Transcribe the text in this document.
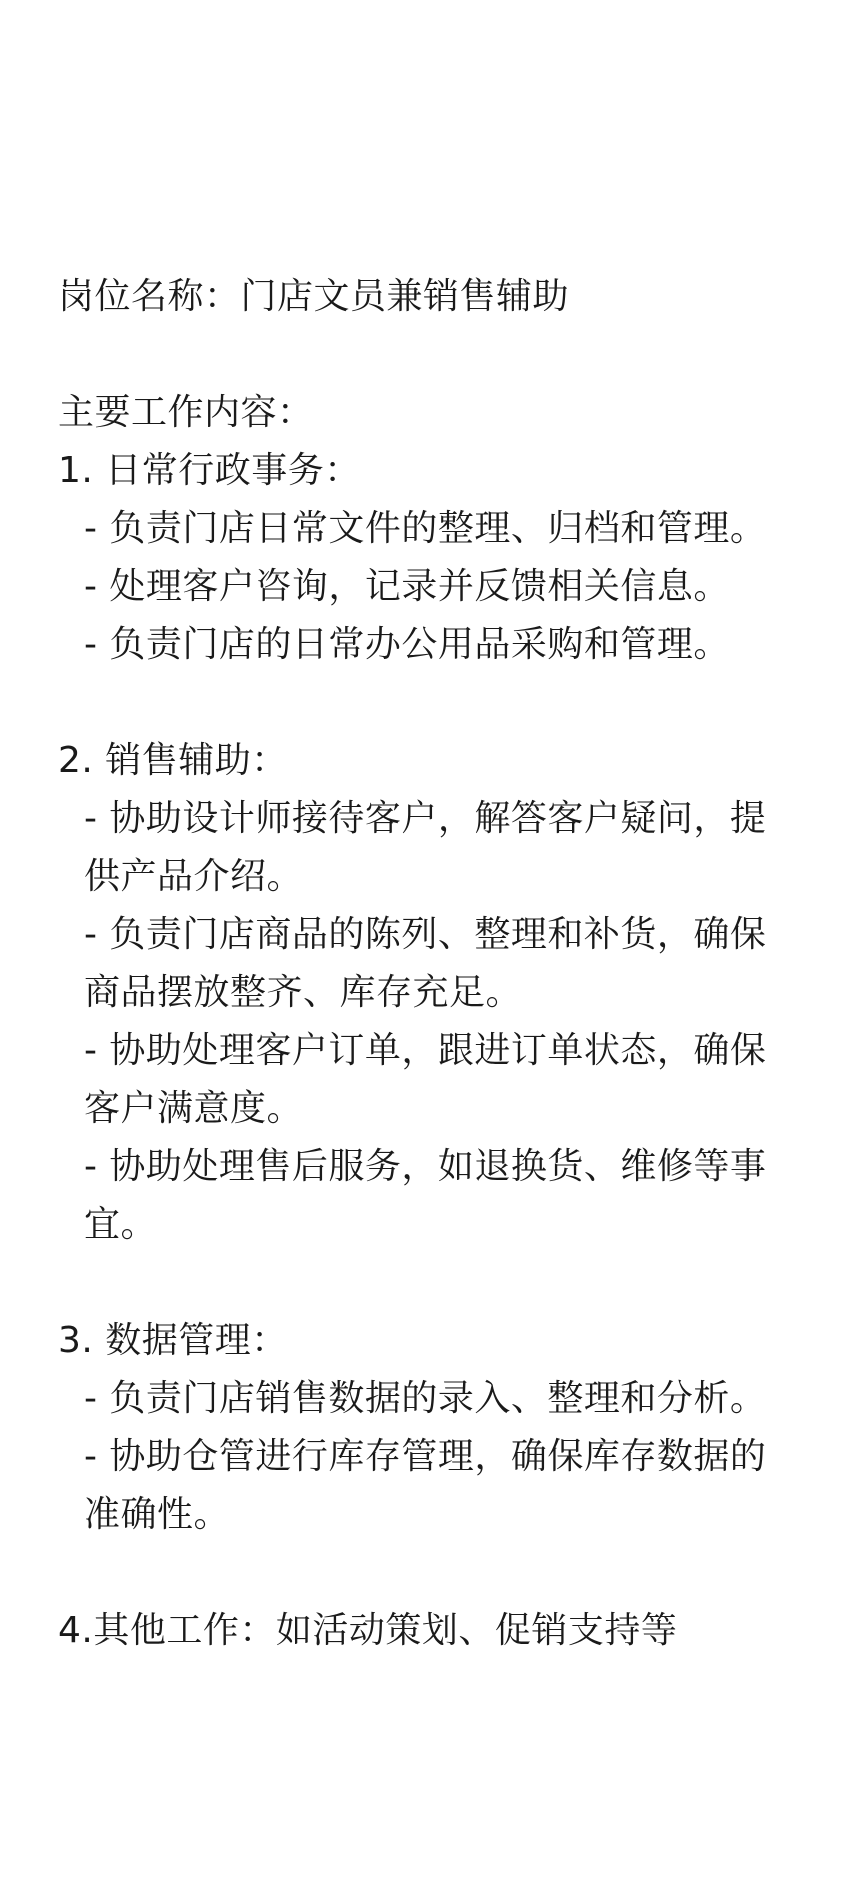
岗位名称：门店文员兼销售辅助
主要工作内容：
1. 日常行政事务：
- 负责门店日常文件的整理、归档和管理。
- 处理客户咨询，记录并反馈相关信息。
- 负责门店的日常办公用品采购和管理。
2. 销售辅助：
- 协助设计师接待客户，解答客户疑问，提供产品介绍。
- 负责门店商品的陈列、整理和补货，确保商品摆放整齐、库存充足。
- 协助处理客户订单，跟进订单状态，确保客户满意度。
- 协助处理售后服务，如退换货、维修等事宜。
3. 数据管理：
- 负责门店销售数据的录入、整理和分析。
- 协助仓管进行库存管理，确保库存数据的准确性。
4.其他工作：如活动策划、促销支持等
